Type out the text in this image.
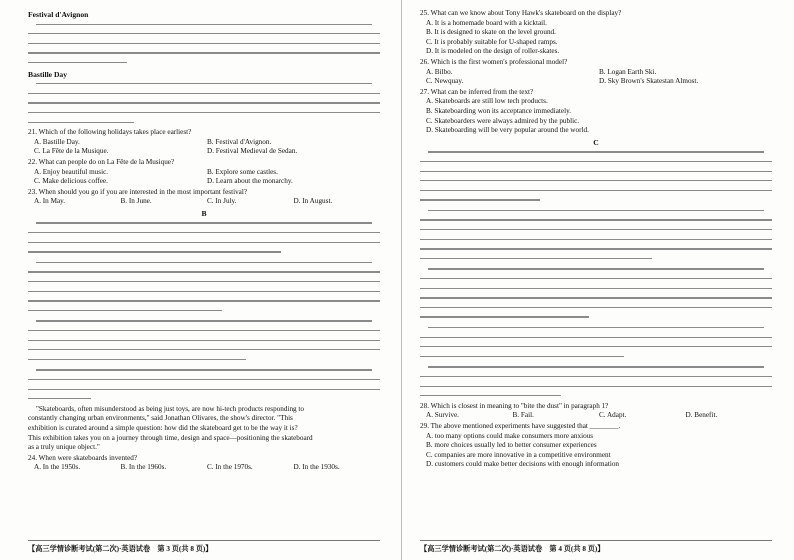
Festival d'Avignon
Bastille Day
21. Which of the following holidays takes place earliest?
A. Bastille Day.	B. Festival d'Avignon.
C. La Fête de la Musique.	D. Festival Medieval de Sedan.
22. What can people do on La Fête de la Musique?
A. Enjoy beautiful music.	B. Explore some castles.
C. Make delicious coffee.	D. Learn about the monarchy.
23. When should you go if you are interested in the most important festival?
A. In May.	B. In June.	C. In July.	D. In August.
B
"Skateboards, often misunderstood as being just toys, are now hi-tech products responding to
constantly changing urban environments," said Jonathan Olivares, the show's director. "This
exhibition is curated around a simple question: how did the skateboard get to be the way it is?
This exhibition takes you on a journey through time, design and space—positioning the skateboard
as a truly unique object."
24. When were skateboards invented?
A. In the 1950s.	B. In the 1960s.	C. In the 1970s.	D. In the 1930s.
25. What can we know about Tony Hawk's skateboard on the display?
A. It is a homemade board with a kicktail.
B. It is designed to skate on the level ground.
C. It is probably suitable for U-shaped ramps.
D. It is modeled on the design of roller-skates.
26. Which is the first women's professional model?
A. Bilbo.	B. Logan Earth Ski.
C. Newquay.	D. Sky Brown's Skatestan Almost.
27. What can be inferred from the text?
A. Skateboards are still low tech products.
B. Skateboarding won its acceptance immediately.
C. Skateboarders were always admired by the public.
D. Skateboarding will be very popular around the world.
C
28. Which is closest in meaning to "bite the dust" in paragraph 1?
A. Survive.	B. Fail.	C. Adapt.	D. Benefit.
29. The above mentioned experiments have suggested that ________.
A. too many options could make consumers more anxious
B. more choices usually led to better consumer experiences
C. companies are more innovative in a competitive environment
D. customers could make better decisions with enough information
【高三学情诊断考试(第二次)·英语试卷　第 3 页(共 8 页)】	【高三学情诊断考试(第二次)·英语试卷　第 4 页(共 8 页)】
